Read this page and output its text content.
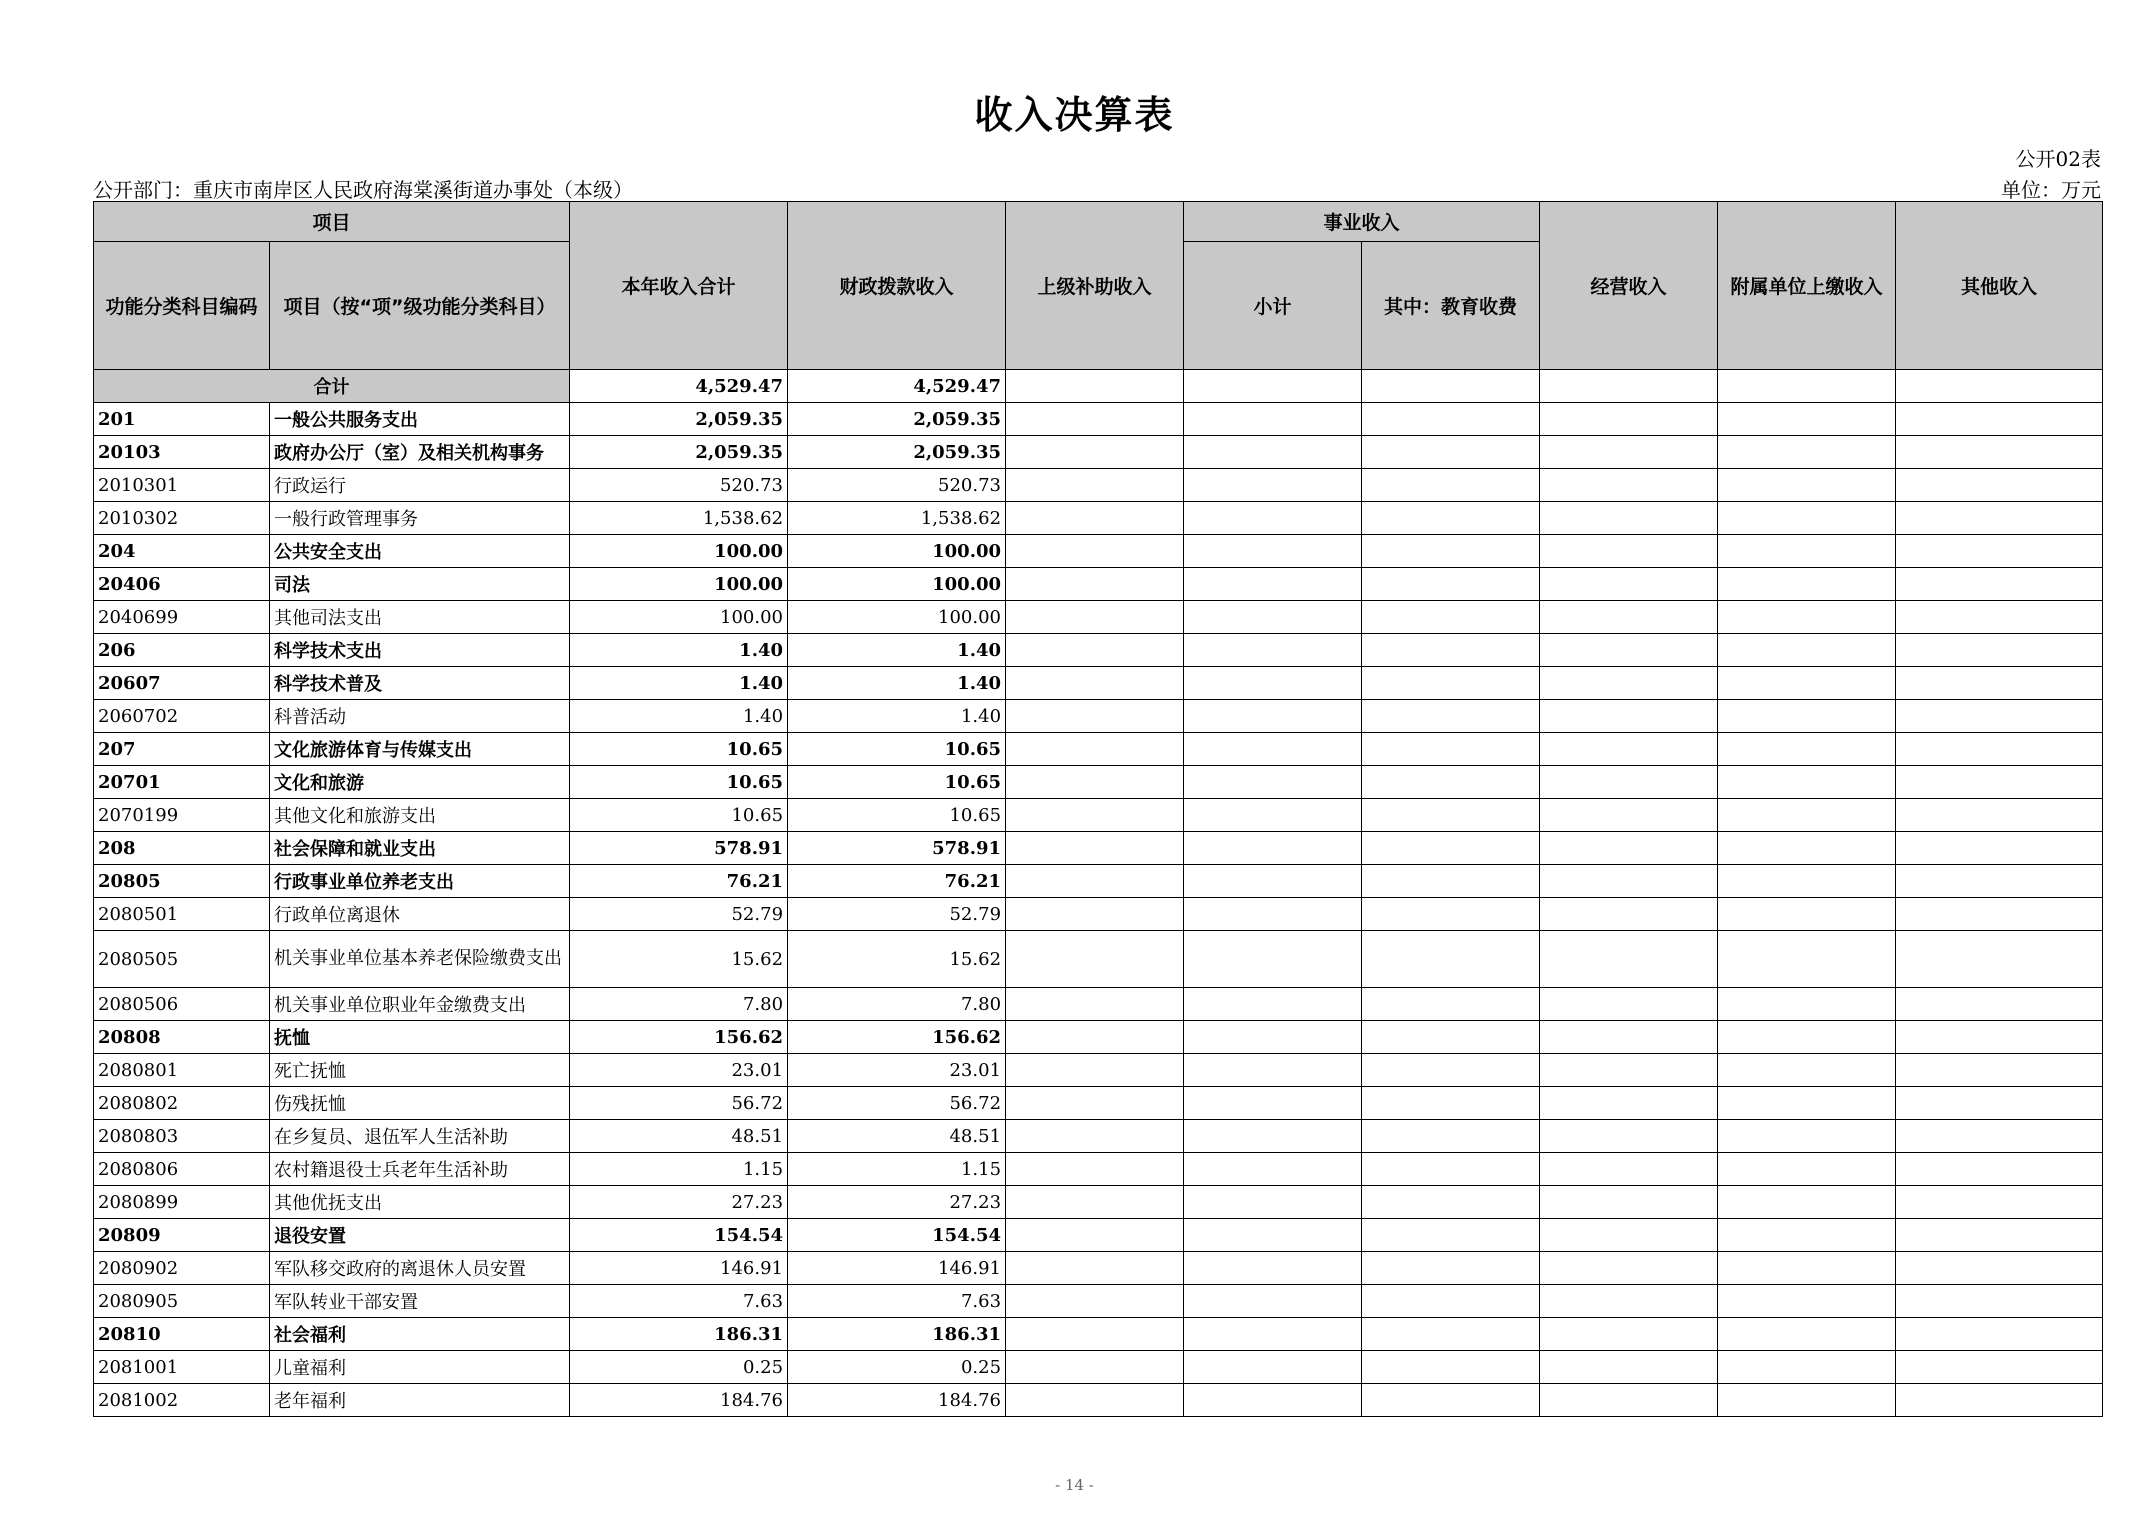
收入决算表
公开02表
公开部门：重庆市南岸区人民政府海棠溪街道办事处（本级）	单位：万元
项目		本年收入合计	财政拨款收入	上级补助收入	事业收入		经营收入	附属单位上缴收入	其他收入
功能分类科目编码	项目（按“项”级功能分类科目）				小计	其中：教育收费			
合计		4,529.47	4,529.47						
201	一般公共服务支出	2,059.35	2,059.35						
20103	政府办公厅（室）及相关机构事务	2,059.35	2,059.35						
2010301	行政运行	520.73	520.73						
2010302	一般行政管理事务	1,538.62	1,538.62						
204	公共安全支出	100.00	100.00						
20406	司法	100.00	100.00						
2040699	其他司法支出	100.00	100.00						
206	科学技术支出	1.40	1.40						
20607	科学技术普及	1.40	1.40						
2060702	科普活动	1.40	1.40						
207	文化旅游体育与传媒支出	10.65	10.65						
20701	文化和旅游	10.65	10.65						
2070199	其他文化和旅游支出	10.65	10.65						
208	社会保障和就业支出	578.91	578.91						
20805	行政事业单位养老支出	76.21	76.21						
2080501	行政单位离退休	52.79	52.79						
2080505	机关事业单位基本养老保险缴费支出	15.62	15.62						
2080506	机关事业单位职业年金缴费支出	7.80	7.80						
20808	抚恤	156.62	156.62						
2080801	死亡抚恤	23.01	23.01						
2080802	伤残抚恤	56.72	56.72						
2080803	在乡复员、退伍军人生活补助	48.51	48.51						
2080806	农村籍退役士兵老年生活补助	1.15	1.15						
2080899	其他优抚支出	27.23	27.23						
20809	退役安置	154.54	154.54						
2080902	军队移交政府的离退休人员安置	146.91	146.91						
2080905	军队转业干部安置	7.63	7.63						
20810	社会福利	186.31	186.31						
2081001	儿童福利	0.25	0.25						
2081002	老年福利	184.76	184.76						
- 14 -
